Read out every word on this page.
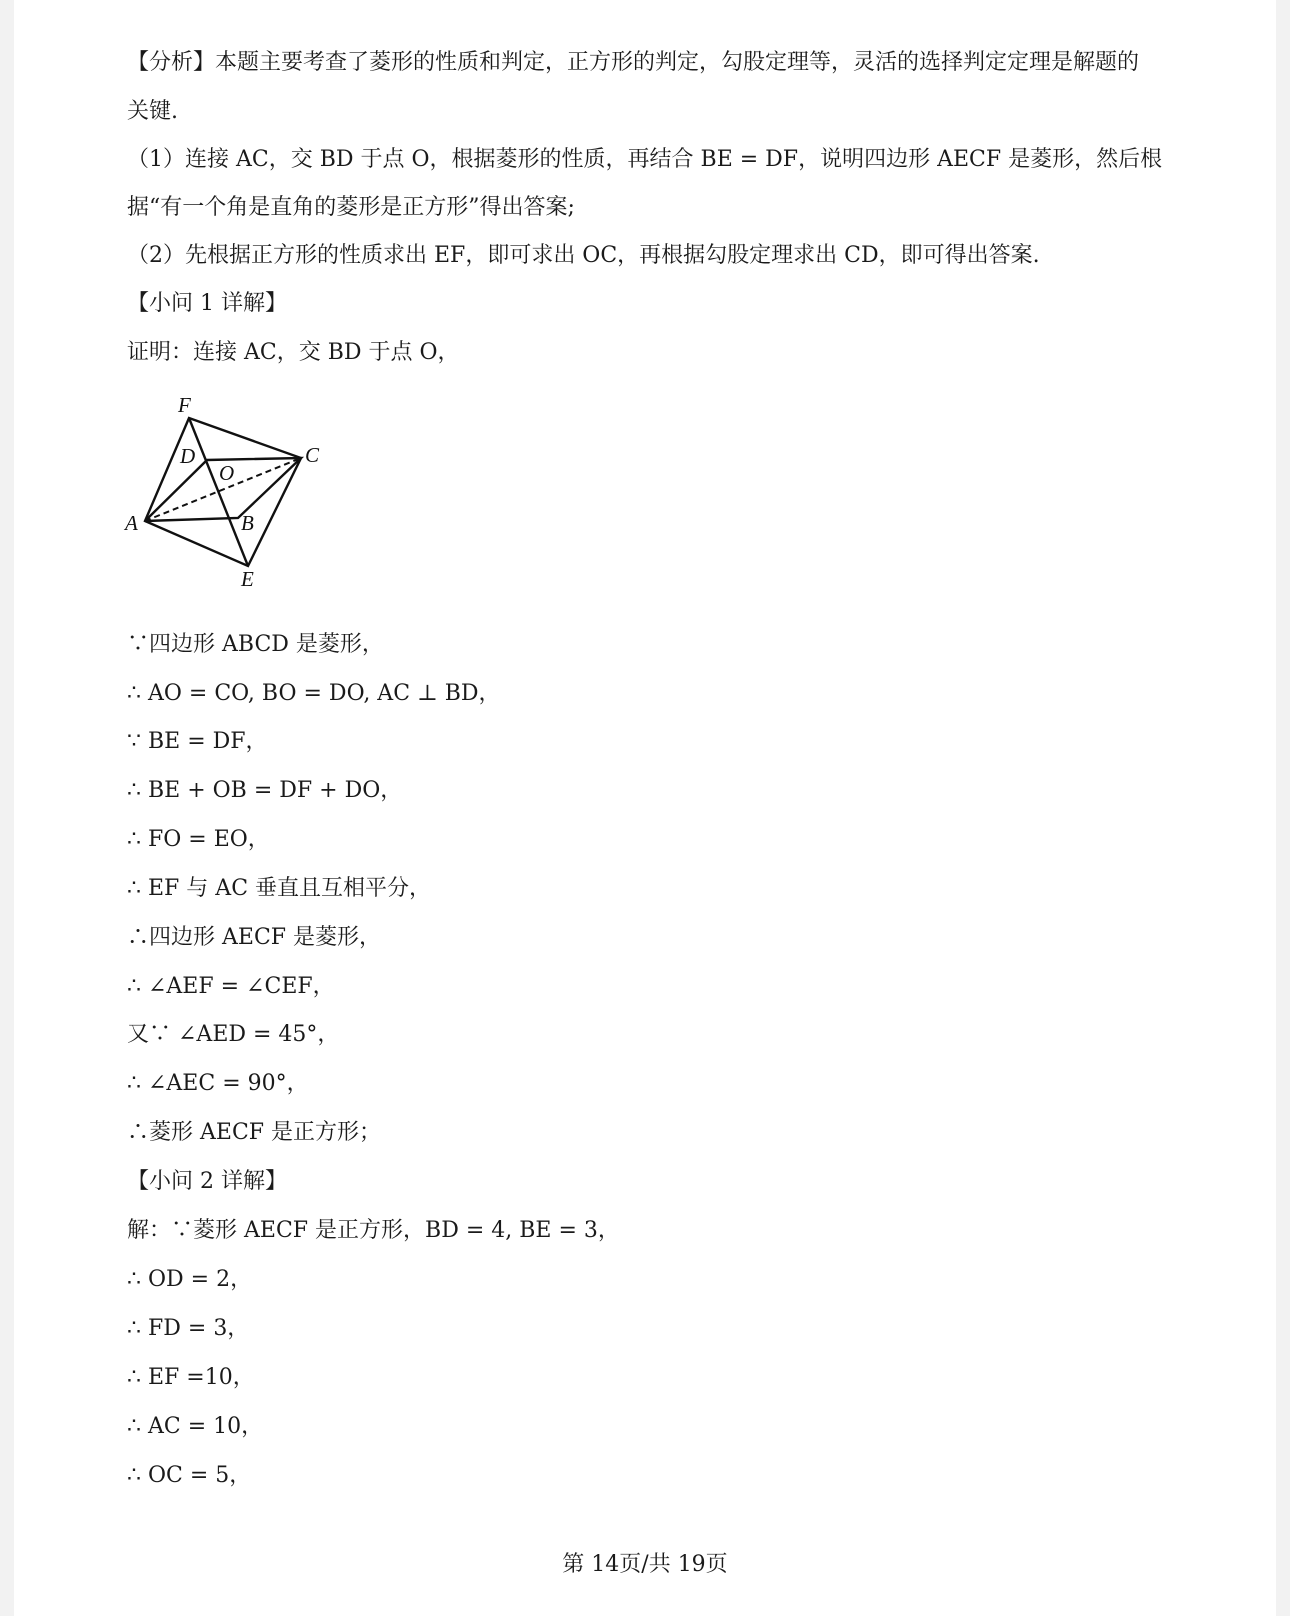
【分析】本题主要考查了菱形的性质和判定，正方形的判定，勾股定理等，灵活的选择判定定理是解题的
关键.
（1）连接 AC，交 BD 于点 O，根据菱形的性质，再结合 BE = DF，说明四边形 AECF 是菱形，然后根
据“有一个角是直角的菱形是正方形”得出答案;
（2）先根据正方形的性质求出 EF，即可求出 OC，再根据勾股定理求出 CD，即可得出答案.
【小问 1 详解】
证明：连接 AC，交 BD 于点 O，
F
D
O
C
A	B
E
∵四边形 ABCD 是菱形，
∴ AO = CO, BO = DO, AC ⊥ BD，
∵ BE = DF，
∴ BE + OB = DF + DO，
∴ FO = EO，
∴ EF 与 AC 垂直且互相平分，
∴四边形 AECF 是菱形，
∴ ∠AEF = ∠CEF，
又∵ ∠AED = 45°，
∴ ∠AEC = 90°，
∴菱形 AECF 是正方形；
【小问 2 详解】
解：∵菱形 AECF 是正方形，BD = 4, BE = 3，
∴ OD = 2，
∴ FD = 3，
∴ EF =10，
∴ AC = 10，
∴ OC = 5，
第 14页/共 19页
